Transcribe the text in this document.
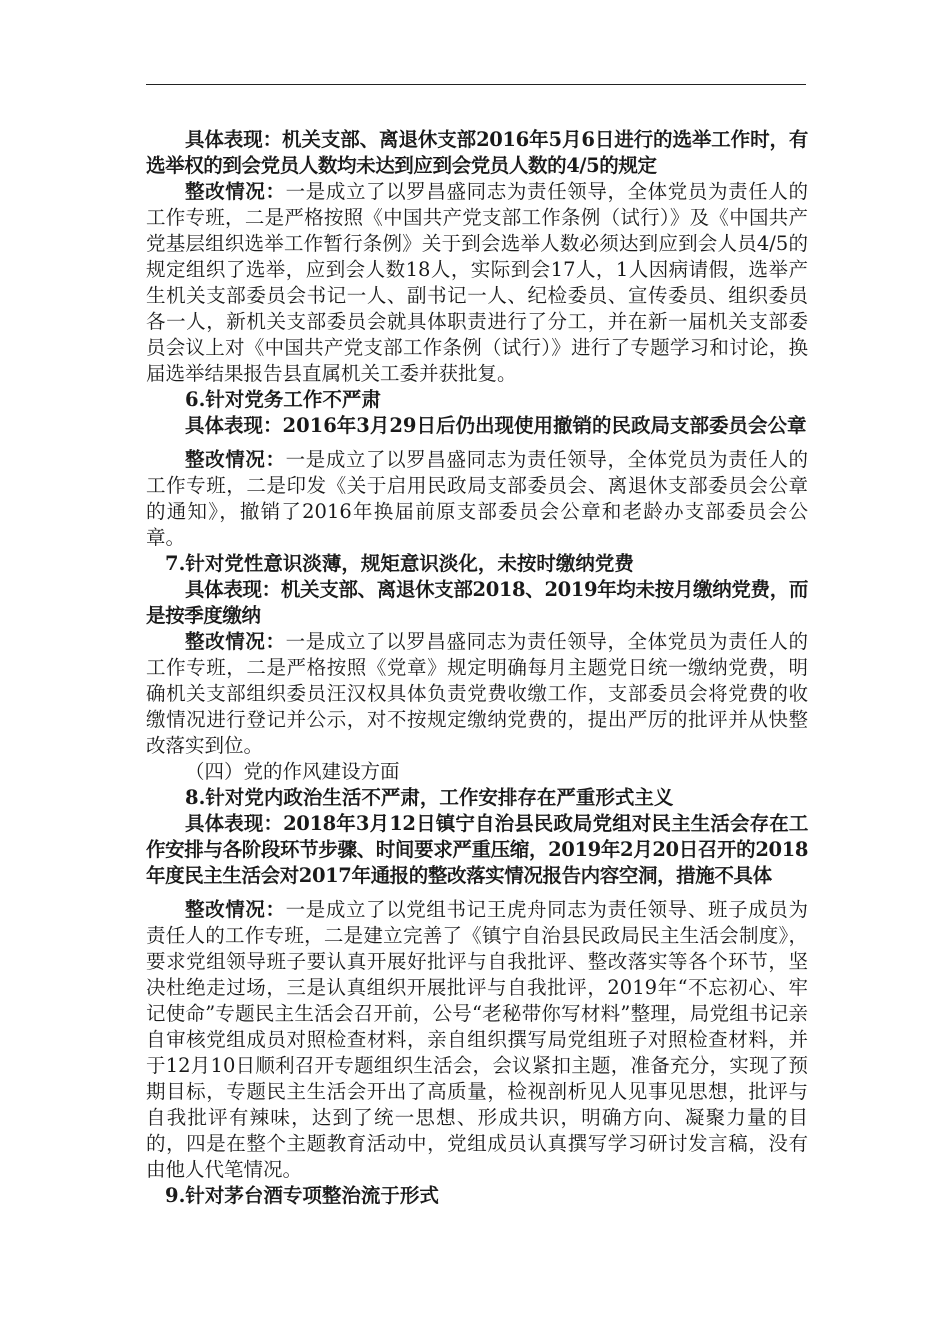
具体表现：机关支部、离退休支部2016年5月6日进行的选举工作时，有选举权的到会党员人数均未达到应到会党员人数的4/5的规定

整改情况：一是成立了以罗昌盛同志为责任领导，全体党员为责任人的工作专班，二是严格按照《中国共产党支部工作条例（试行）》及《中国共产党基层组织选举工作暂行条例》关于到会选举人数必须达到应到会人员4/5的规定组织了选举，应到会人数18人，实际到会17人，1人因病请假，选举产生机关支部委员会书记一人、副书记一人、纪检委员、宣传委员、组织委员各一人，新机关支部委员会就具体职责进行了分工，并在新一届机关支部委员会议上对《中国共产党支部工作条例（试行）》进行了专题学习和讨论，换届选举结果报告县直属机关工委并获批复。

6.针对党务工作不严肃

具体表现：2016年3月29日后仍出现使用撤销的民政局支部委员会公章

整改情况：一是成立了以罗昌盛同志为责任领导，全体党员为责任人的工作专班，二是印发《关于启用民政局支部委员会、离退休支部委员会公章的通知》，撤销了2016年换届前原支部委员会公章和老龄办支部委员会公章。

7.针对党性意识淡薄，规矩意识淡化，未按时缴纳党费

具体表现：机关支部、离退休支部2018、2019年均未按月缴纳党费，而是按季度缴纳

整改情况：一是成立了以罗昌盛同志为责任领导，全体党员为责任人的工作专班，二是严格按照《党章》规定明确每月主题党日统一缴纳党费，明确机关支部组织委员汪汉权具体负责党费收缴工作，支部委员会将党费的收缴情况进行登记并公示，对不按规定缴纳党费的，提出严厉的批评并从快整改落实到位。

（四）党的作风建设方面

8.针对党内政治生活不严肃，工作安排存在严重形式主义

具体表现：2018年3月12日镇宁自治县民政局党组对民主生活会存在工作安排与各阶段环节步骤、时间要求严重压缩，2019年2月20日召开的2018年度民主生活会对2017年通报的整改落实情况报告内容空洞，措施不具体

整改情况：一是成立了以党组书记王虎舟同志为责任领导、班子成员为责任人的工作专班，二是建立完善了《镇宁自治县民政局民主生活会制度》，要求党组领导班子要认真开展好批评与自我批评、整改落实等各个环节，坚决杜绝走过场，三是认真组织开展批评与自我批评，2019年“不忘初心、牢记使命”专题民主生活会召开前，公号“老秘带你写材料”整理，局党组书记亲自审核党组成员对照检查材料，亲自组织撰写局党组班子对照检查材料，并于12月10日顺利召开专题组织生活会，会议紧扣主题，准备充分，实现了预期目标，专题民主生活会开出了高质量，检视剖析见人见事见思想，批评与自我批评有辣味，达到了统一思想、形成共识，明确方向、凝聚力量的目的，四是在整个主题教育活动中，党组成员认真撰写学习研讨发言稿，没有由他人代笔情况。

9.针对茅台酒专项整治流于形式
